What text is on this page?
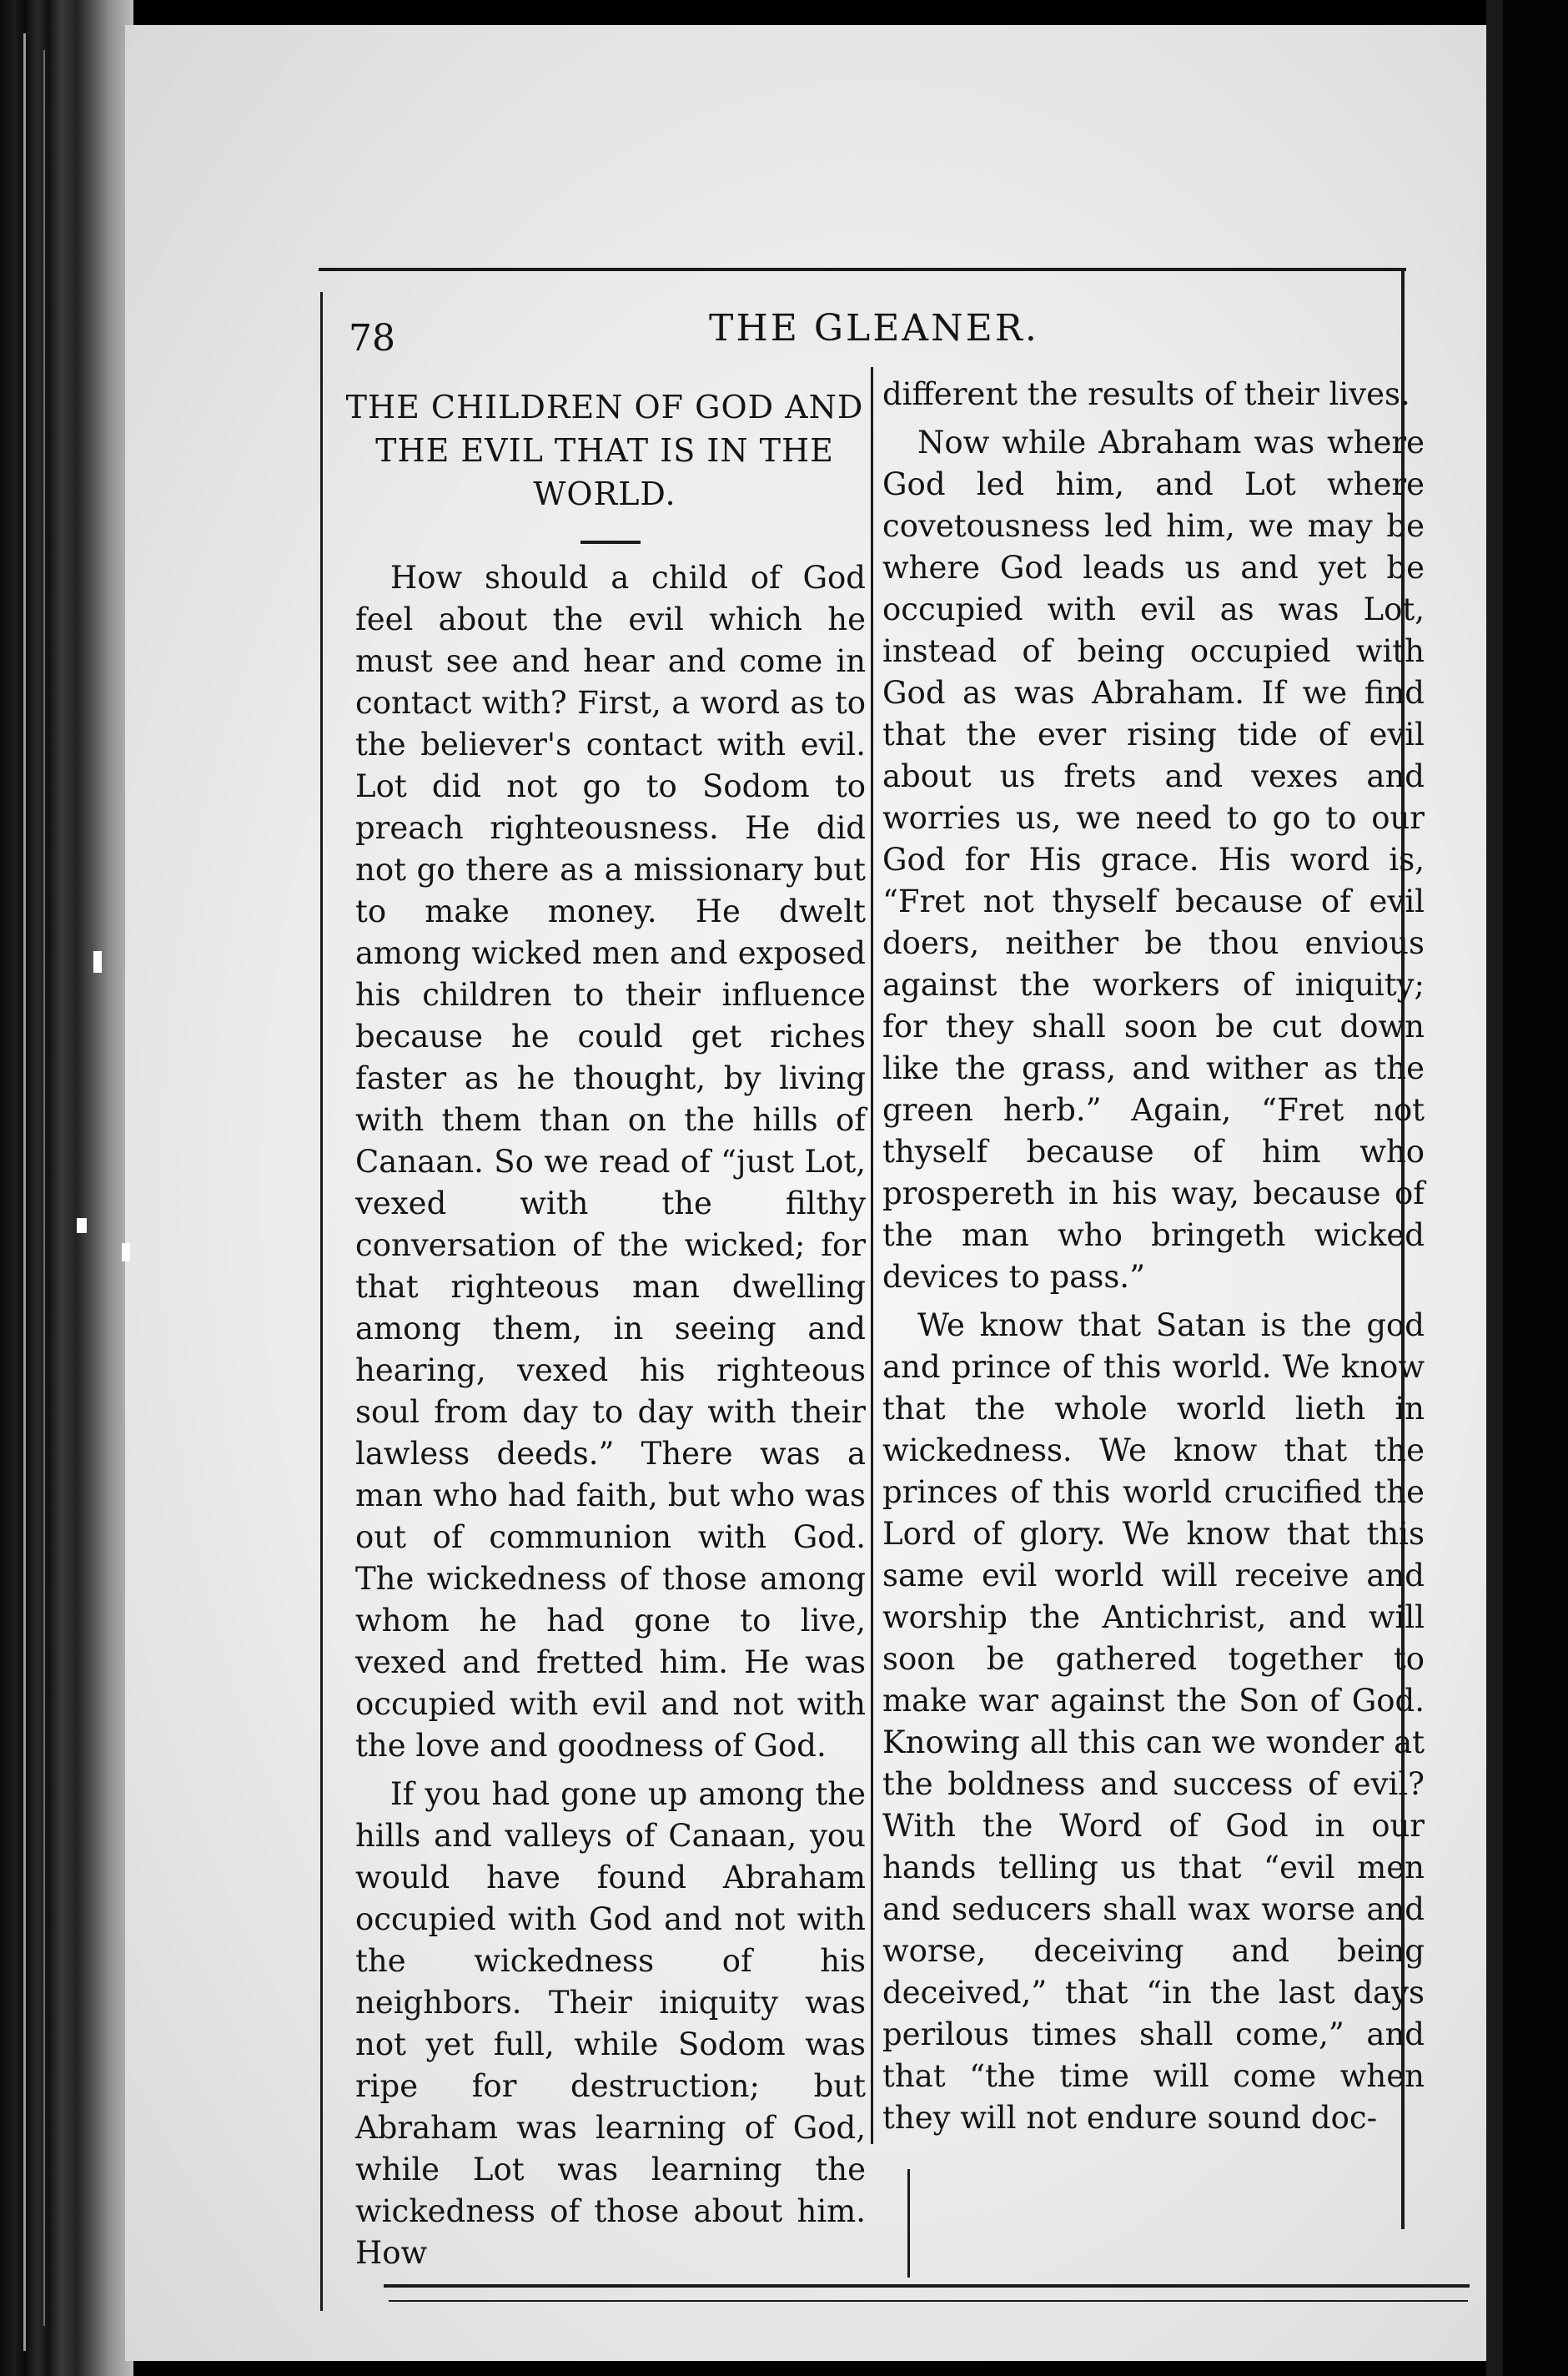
78	THE GLEANER.
THE CHILDREN OF GOD AND THE EVIL THAT IS IN THE WORLD.

How should a child of God feel about the evil which he must see and hear and come in contact with? First, a word as to the believer's contact with evil. Lot did not go to Sodom to preach righteousness. He did not go there as a missionary but to make money. He dwelt among wicked men and exposed his children to their influence because he could get riches faster as he thought, by living with them than on the hills of Canaan. So we read of “just Lot, vexed with the filthy conversation of the wicked; for that righteous man dwelling among them, in seeing and hearing, vexed his righteous soul from day to day with their lawless deeds.” There was a man who had faith, but who was out of communion with God. The wickedness of those among whom he had gone to live, vexed and fretted him. He was occupied with evil and not with the love and goodness of God.

If you had gone up among the hills and valleys of Canaan, you would have found Abraham occupied with God and not with the wickedness of his neighbors. Their iniquity was not yet full, while Sodom was ripe for destruction; but Abraham was learning of God, while Lot was learning the wickedness of those about him. How

different the results of their lives.

Now while Abraham was where God led him, and Lot where covetousness led him, we may be where God leads us and yet be occupied with evil as was Lot, instead of being occupied with God as was Abraham. If we find that the ever rising tide of evil about us frets and vexes and worries us, we need to go to our God for His grace. His word is, “Fret not thyself because of evil doers, neither be thou envious against the workers of iniquity; for they shall soon be cut down like the grass, and wither as the green herb.” Again, “Fret not thyself because of him who prospereth in his way, because of the man who bringeth wicked devices to pass.”

We know that Satan is the god and prince of this world. We know that the whole world lieth in wickedness. We know that the princes of this world crucified the Lord of glory. We know that this same evil world will receive and worship the Antichrist, and will soon be gathered together to make war against the Son of God. Knowing all this can we wonder at the boldness and success of evil? With the Word of God in our hands telling us that “evil men and seducers shall wax worse and worse, deceiving and being deceived,” that “in the last days perilous times shall come,” and that “the time will come when they will not endure sound doc-
